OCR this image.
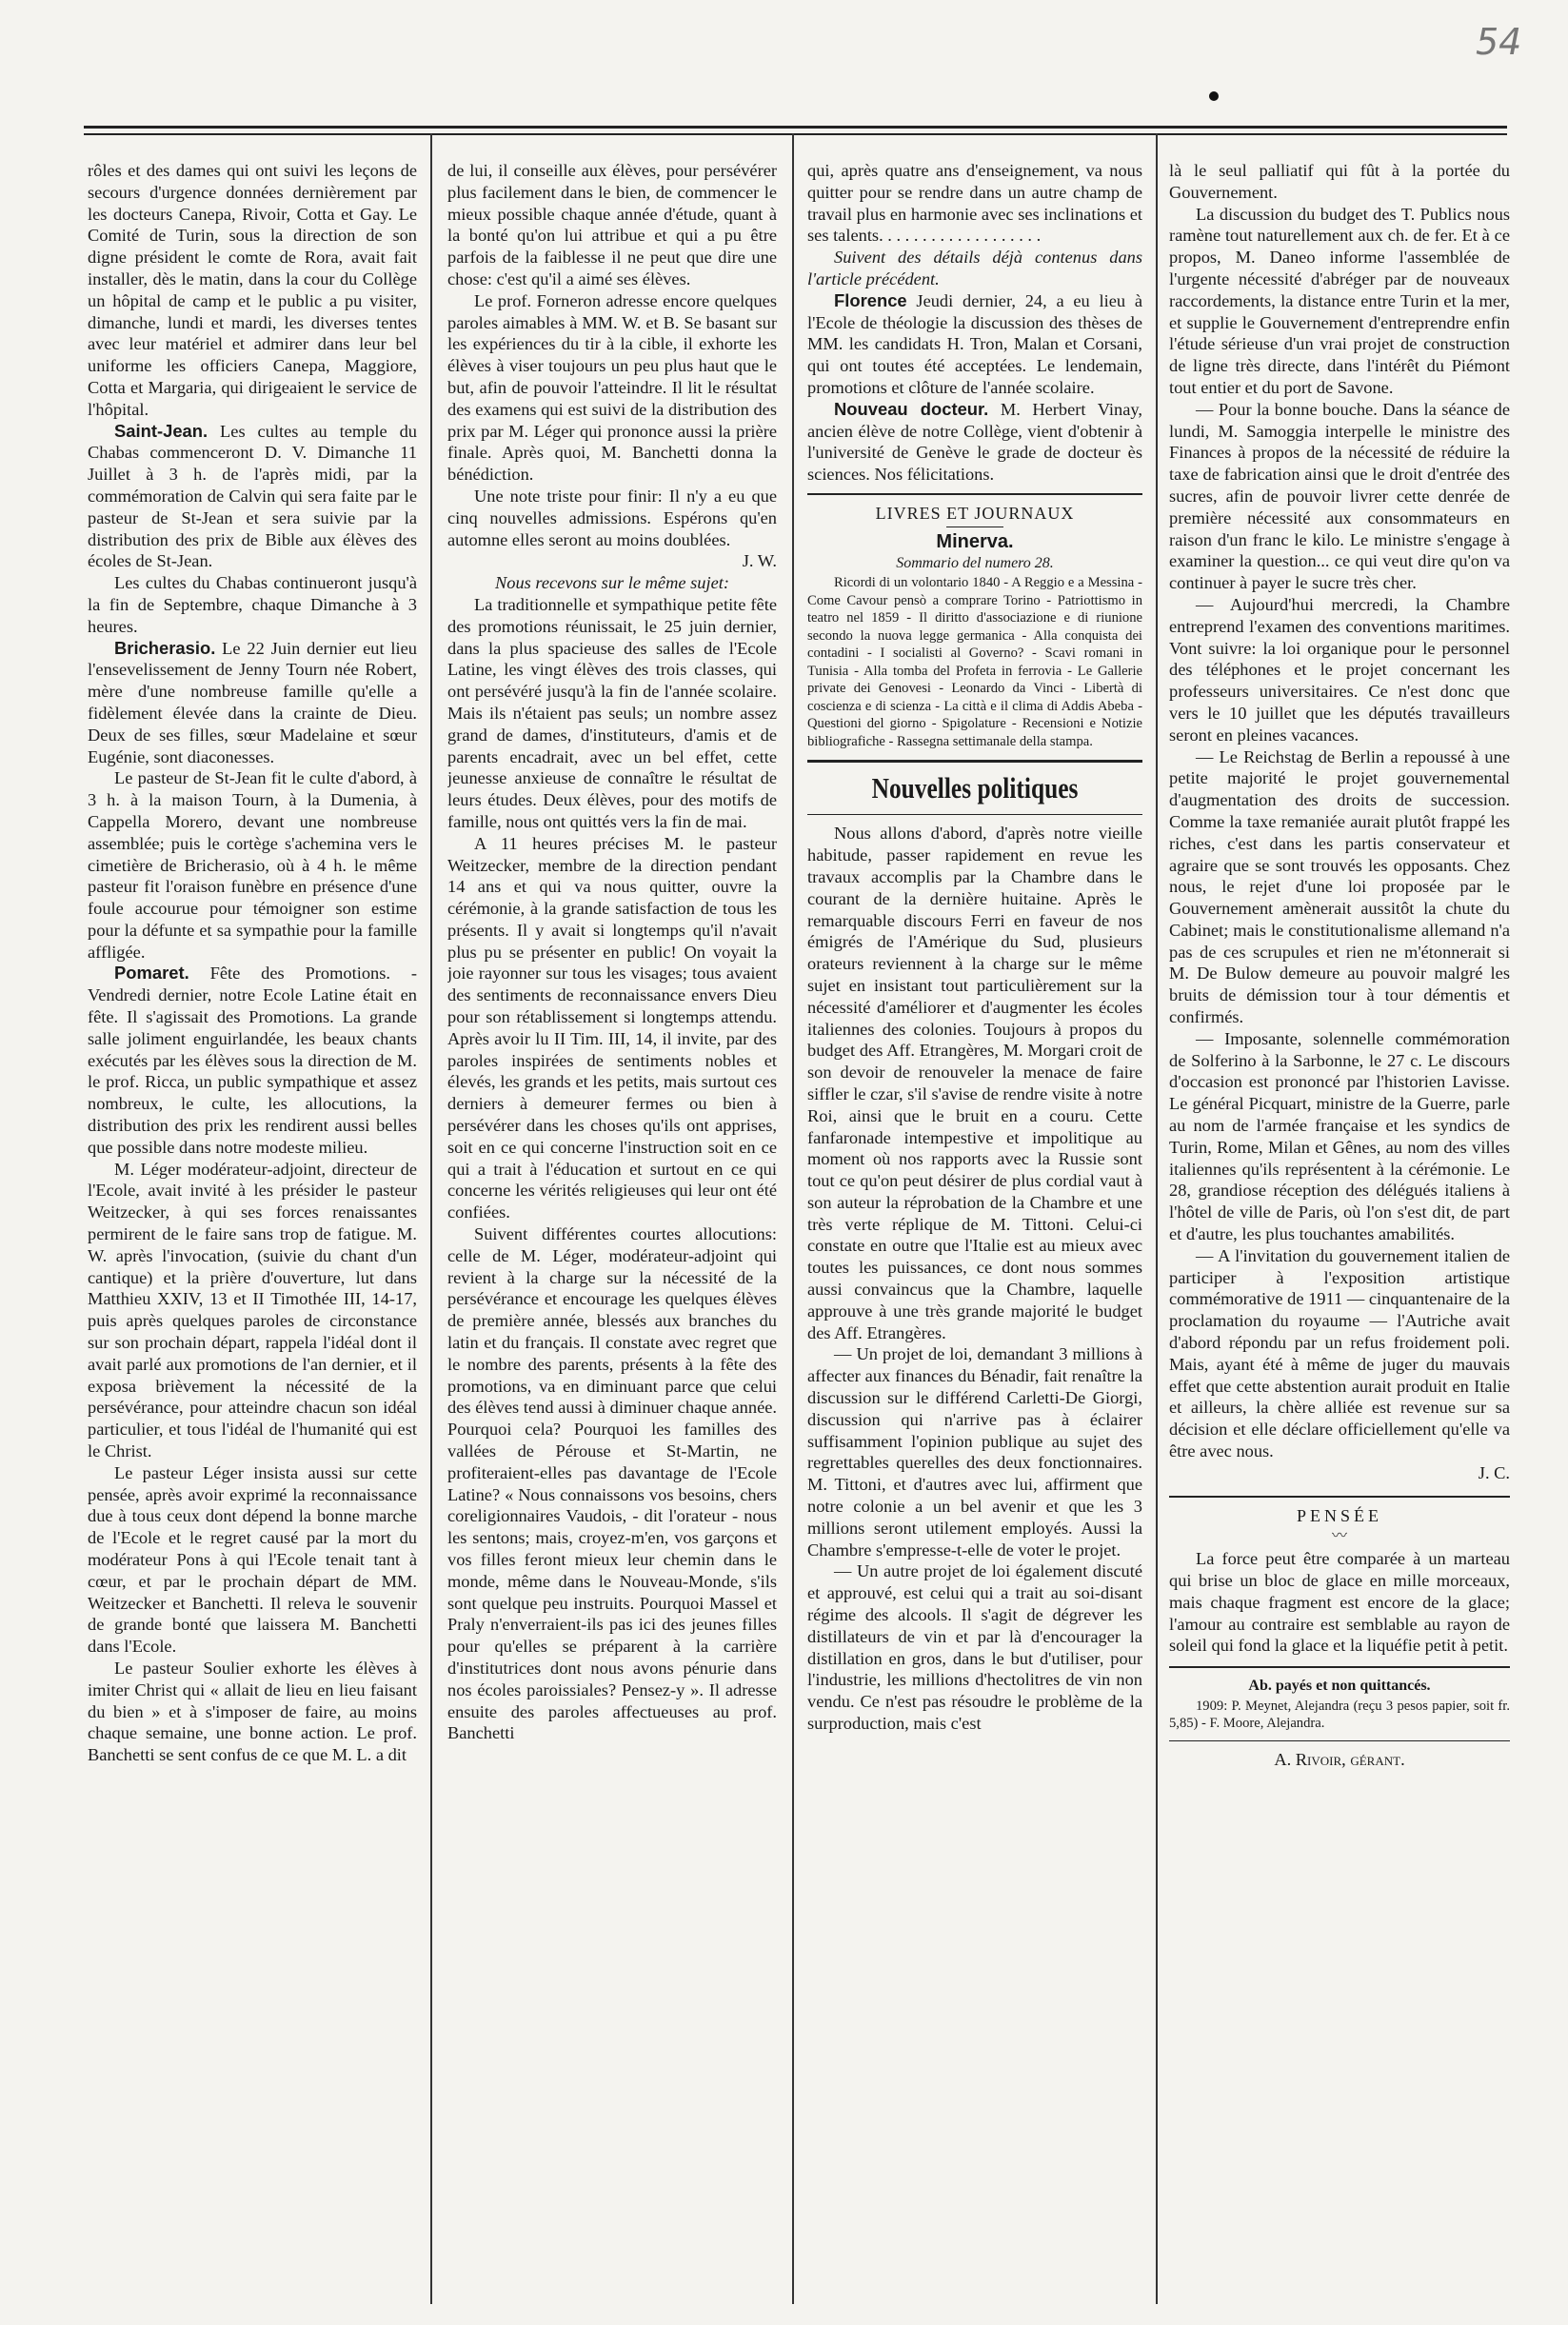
54

rôles et des dames qui ont suivi les leçons de secours d'urgence données dernièrement par les docteurs Canepa, Rivoir, Cotta et Gay. Le Comité de Turin, sous la direction de son digne président le comte de Rora, avait fait installer, dès le matin, dans la cour du Collège un hôpital de camp et le public a pu visiter, dimanche, lundi et mardi, les diverses tentes avec leur matériel et admirer dans leur bel uniforme les officiers Canepa, Maggiore, Cotta et Margaria, qui dirigeaient le service de l'hôpital.

Saint-Jean. Les cultes au temple du Chabas commenceront D. V. Dimanche 11 Juillet à 3 h. de l'après midi, par la commémoration de Calvin qui sera faite par le pasteur de St-Jean et sera suivie par la distribution des prix de Bible aux élèves des écoles de St-Jean.

Les cultes du Chabas continueront jusqu'à la fin de Septembre, chaque Dimanche à 3 heures.

Bricherasio. Le 22 Juin dernier eut lieu l'ensevelissement de Jenny Tourn née Robert, mère d'une nombreuse famille qu'elle a fidèlement élevée dans la crainte de Dieu. Deux de ses filles, sœur Madelaine et sœur Eugénie, sont diaconesses.

Le pasteur de St-Jean fit le culte d'abord, à 3 h. à la maison Tourn, à la Dumenia, à Cappella Morero, devant une nombreuse assemblée; puis le cortège s'achemina vers le cimetière de Bricherasio, où à 4 h. le même pasteur fit l'oraison funèbre en présence d'une foule accourue pour témoigner son estime pour la défunte et sa sympathie pour la famille affligée.

Pomaret. Fête des Promotions. - Vendredi dernier, notre Ecole Latine était en fête. Il s'agissait des Promotions. La grande salle joliment enguirlandée, les beaux chants exécutés par les élèves sous la direction de M. le prof. Ricca, un public sympathique et assez nombreux, le culte, les allocutions, la distribution des prix les rendirent aussi belles que possible dans notre modeste milieu.

M. Léger modérateur-adjoint, directeur de l'Ecole, avait invité à les présider le pasteur Weitzecker, à qui ses forces renaissantes permirent de le faire sans trop de fatigue. M. W. après l'invocation, (suivie du chant d'un cantique) et la prière d'ouverture, lut dans Matthieu XXIV, 13 et II Timothée III, 14-17, puis après quelques paroles de circonstance sur son prochain départ, rappela l'idéal dont il avait parlé aux promotions de l'an dernier, et il exposa brièvement la nécessité de la persévérance, pour atteindre chacun son idéal particulier, et tous l'idéal de l'humanité qui est le Christ.

Le pasteur Léger insista aussi sur cette pensée, après avoir exprimé la reconnaissance due à tous ceux dont dépend la bonne marche de l'Ecole et le regret causé par la mort du modérateur Pons à qui l'Ecole tenait tant à cœur, et par le prochain départ de MM. Weitzecker et Banchetti. Il releva le souvenir de grande bonté que laissera M. Banchetti dans l'Ecole.

Le pasteur Soulier exhorte les élèves à imiter Christ qui « allait de lieu en lieu faisant du bien » et à s'imposer de faire, au moins chaque semaine, une bonne action. Le prof. Banchetti se sent confus de ce que M. L. a dit

de lui, il conseille aux élèves, pour persévérer plus facilement dans le bien, de commencer le mieux possible chaque année d'étude, quant à la bonté qu'on lui attribue et qui a pu être parfois de la faiblesse il ne peut que dire une chose: c'est qu'il a aimé ses élèves.

Le prof. Forneron adresse encore quelques paroles aimables à MM. W. et B. Se basant sur les expériences du tir à la cible, il exhorte les élèves à viser toujours un peu plus haut que le but, afin de pouvoir l'atteindre. Il lit le résultat des examens qui est suivi de la distribution des prix par M. Léger qui prononce aussi la prière finale. Après quoi, M. Banchetti donna la bénédiction.

Une note triste pour finir: Il n'y a eu que cinq nouvelles admissions. Espérons qu'en automne elles seront au moins doublées.

J. W.

Nous recevons sur le même sujet:

La traditionnelle et sympathique petite fête des promotions réunissait, le 25 juin dernier, dans la plus spacieuse des salles de l'Ecole Latine, les vingt élèves des trois classes, qui ont persévéré jusqu'à la fin de l'année scolaire. Mais ils n'étaient pas seuls; un nombre assez grand de dames, d'instituteurs, d'amis et de parents encadrait, avec un bel effet, cette jeunesse anxieuse de connaître le résultat de leurs études. Deux élèves, pour des motifs de famille, nous ont quittés vers la fin de mai.

A 11 heures précises M. le pasteur Weitzecker, membre de la direction pendant 14 ans et qui va nous quitter, ouvre la cérémonie, à la grande satisfaction de tous les présents. Il y avait si longtemps qu'il n'avait plus pu se présenter en public! On voyait la joie rayonner sur tous les visages; tous avaient des sentiments de reconnaissance envers Dieu pour son rétablissement si longtemps attendu. Après avoir lu II Tim. III, 14, il invite, par des paroles inspirées de sentiments nobles et élevés, les grands et les petits, mais surtout ces derniers à demeurer fermes ou bien à persévérer dans les choses qu'ils ont apprises, soit en ce qui concerne l'instruction soit en ce qui a trait à l'éducation et surtout en ce qui concerne les vérités religieuses qui leur ont été confiées.

Suivent différentes courtes allocutions: celle de M. Léger, modérateur-adjoint qui revient à la charge sur la nécessité de la persévérance et encourage les quelques élèves de première année, blessés aux branches du latin et du français. Il constate avec regret que le nombre des parents, présents à la fête des promotions, va en diminuant parce que celui des élèves tend aussi à diminuer chaque année. Pourquoi cela? Pourquoi les familles des vallées de Pérouse et St-Martin, ne profiteraient-elles pas davantage de l'Ecole Latine? « Nous connaissons vos besoins, chers coreligionnaires Vaudois, - dit l'orateur - nous les sentons; mais, croyez-m'en, vos garçons et vos filles feront mieux leur chemin dans le monde, même dans le Nouveau-Monde, s'ils sont quelque peu instruits. Pourquoi Massel et Praly n'enverraient-ils pas ici des jeunes filles pour qu'elles se préparent à la carrière d'institutrices dont nous avons pénurie dans nos écoles paroissiales? Pensez-y ». Il adresse ensuite des paroles affectueuses au prof. Banchetti

qui, après quatre ans d'enseignement, va nous quitter pour se rendre dans un autre champ de travail plus en harmonie avec ses inclinations et ses talents. . . . . . . . . . . . . . . . . . .

Suivent des détails déjà contenus dans l'article précédent.

Florence Jeudi dernier, 24, a eu lieu à l'Ecole de théologie la discussion des thèses de MM. les candidats H. Tron, Malan et Corsani, qui ont toutes été acceptées. Le lendemain, promotions et clôture de l'année scolaire.

Nouveau docteur. M. Herbert Vinay, ancien élève de notre Collège, vient d'obtenir à l'université de Genève le grade de docteur ès sciences. Nos félicitations.

LIVRES ET JOURNAUX

Minerva.

Sommario del numero 28.

Ricordi di un volontario 1840 - A Reggio e a Messina - Come Cavour pensò a comprare Torino - Patriottismo in teatro nel 1859 - Il diritto d'associazione e di riunione secondo la nuova legge germanica - Alla conquista dei contadini - I socialisti al Governo? - Scavi romani in Tunisia - Alla tomba del Profeta in ferrovia - Le Gallerie private dei Genovesi - Leonardo da Vinci - Libertà di coscienza e di scienza - La città e il clima di Addis Abeba - Questioni del giorno - Spigolature - Recensioni e Notizie bibliografiche - Rassegna settimanale della stampa.

Nouvelles politiques

Nous allons d'abord, d'après notre vieille habitude, passer rapidement en revue les travaux accomplis par la Chambre dans le courant de la dernière huitaine. Après le remarquable discours Ferri en faveur de nos émigrés de l'Amérique du Sud, plusieurs orateurs reviennent à la charge sur le même sujet en insistant tout particulièrement sur la nécessité d'améliorer et d'augmenter les écoles italiennes des colonies. Toujours à propos du budget des Aff. Etrangères, M. Morgari croit de son devoir de renouveler la menace de faire siffler le czar, s'il s'avise de rendre visite à notre Roi, ainsi que le bruit en a couru. Cette fanfaronade intempestive et impolitique au moment où nos rapports avec la Russie sont tout ce qu'on peut désirer de plus cordial vaut à son auteur la réprobation de la Chambre et une très verte réplique de M. Tittoni. Celui-ci constate en outre que l'Italie est au mieux avec toutes les puissances, ce dont nous sommes aussi convaincus que la Chambre, laquelle approuve à une très grande majorité le budget des Aff. Etrangères.

— Un projet de loi, demandant 3 millions à affecter aux finances du Bénadir, fait renaître la discussion sur le différend Carletti-De Giorgi, discussion qui n'arrive pas à éclairer suffisamment l'opinion publique au sujet des regrettables querelles des deux fonctionnaires. M. Tittoni, et d'autres avec lui, affirment que notre colonie a un bel avenir et que les 3 millions seront utilement employés. Aussi la Chambre s'empresse-t-elle de voter le projet.

— Un autre projet de loi également discuté et approuvé, est celui qui a trait au soi-disant régime des alcools. Il s'agit de dégrever les distillateurs de vin et par là d'encourager la distillation en gros, dans le but d'utiliser, pour l'industrie, les millions d'hectolitres de vin non vendu. Ce n'est pas résoudre le problème de la surproduction, mais c'est

là le seul palliatif qui fût à la portée du Gouvernement.

La discussion du budget des T. Publics nous ramène tout naturellement aux ch. de fer. Et à ce propos, M. Daneo informe l'assemblée de l'urgente nécessité d'abréger par de nouveaux raccordements, la distance entre Turin et la mer, et supplie le Gouvernement d'entreprendre enfin l'étude sérieuse d'un vrai projet de construction de ligne très directe, dans l'intérêt du Piémont tout entier et du port de Savone.

— Pour la bonne bouche. Dans la séance de lundi, M. Samoggia interpelle le ministre des Finances à propos de la nécessité de réduire la taxe de fabrication ainsi que le droit d'entrée des sucres, afin de pouvoir livrer cette denrée de première nécessité aux consommateurs en raison d'un franc le kilo. Le ministre s'engage à examiner la question... ce qui veut dire qu'on va continuer à payer le sucre très cher.

— Aujourd'hui mercredi, la Chambre entreprend l'examen des conventions maritimes. Vont suivre: la loi organique pour le personnel des téléphones et le projet concernant les professeurs universitaires. Ce n'est donc que vers le 10 juillet que les députés travailleurs seront en pleines vacances.

— Le Reichstag de Berlin a repoussé à une petite majorité le projet gouvernemental d'augmentation des droits de succession. Comme la taxe remaniée aurait plutôt frappé les riches, c'est dans les partis conservateur et agraire que se sont trouvés les opposants. Chez nous, le rejet d'une loi proposée par le Gouvernement amènerait aussitôt la chute du Cabinet; mais le constitutionalisme allemand n'a pas de ces scrupules et rien ne m'étonnerait si M. De Bulow demeure au pouvoir malgré les bruits de démission tour à tour démentis et confirmés.

— Imposante, solennelle commémoration de Solferino à la Sarbonne, le 27 c. Le discours d'occasion est prononcé par l'historien Lavisse. Le général Picquart, ministre de la Guerre, parle au nom de l'armée française et les syndics de Turin, Rome, Milan et Gênes, au nom des villes italiennes qu'ils représentent à la cérémonie. Le 28, grandiose réception des délégués italiens à l'hôtel de ville de Paris, où l'on s'est dit, de part et d'autre, les plus touchantes amabilités.

— A l'invitation du gouvernement italien de participer à l'exposition artistique commémorative de 1911 — cinquantenaire de la proclamation du royaume — l'Autriche avait d'abord répondu par un refus froidement poli. Mais, ayant été à même de juger du mauvais effet que cette abstention aurait produit en Italie et ailleurs, la chère alliée est revenue sur sa décision et elle déclare officiellement qu'elle va être avec nous.

J. C.

PENSÉE

〰

La force peut être comparée à un marteau qui brise un bloc de glace en mille morceaux, mais chaque fragment est encore de la glace; l'amour au contraire est semblable au rayon de soleil qui fond la glace et la liquéfie petit à petit.

Ab. payés et non quittancés.

1909: P. Meynet, Alejandra (reçu 3 pesos papier, soit fr. 5,85) - F. Moore, Alejandra.

A. Rivoir, gérant.
